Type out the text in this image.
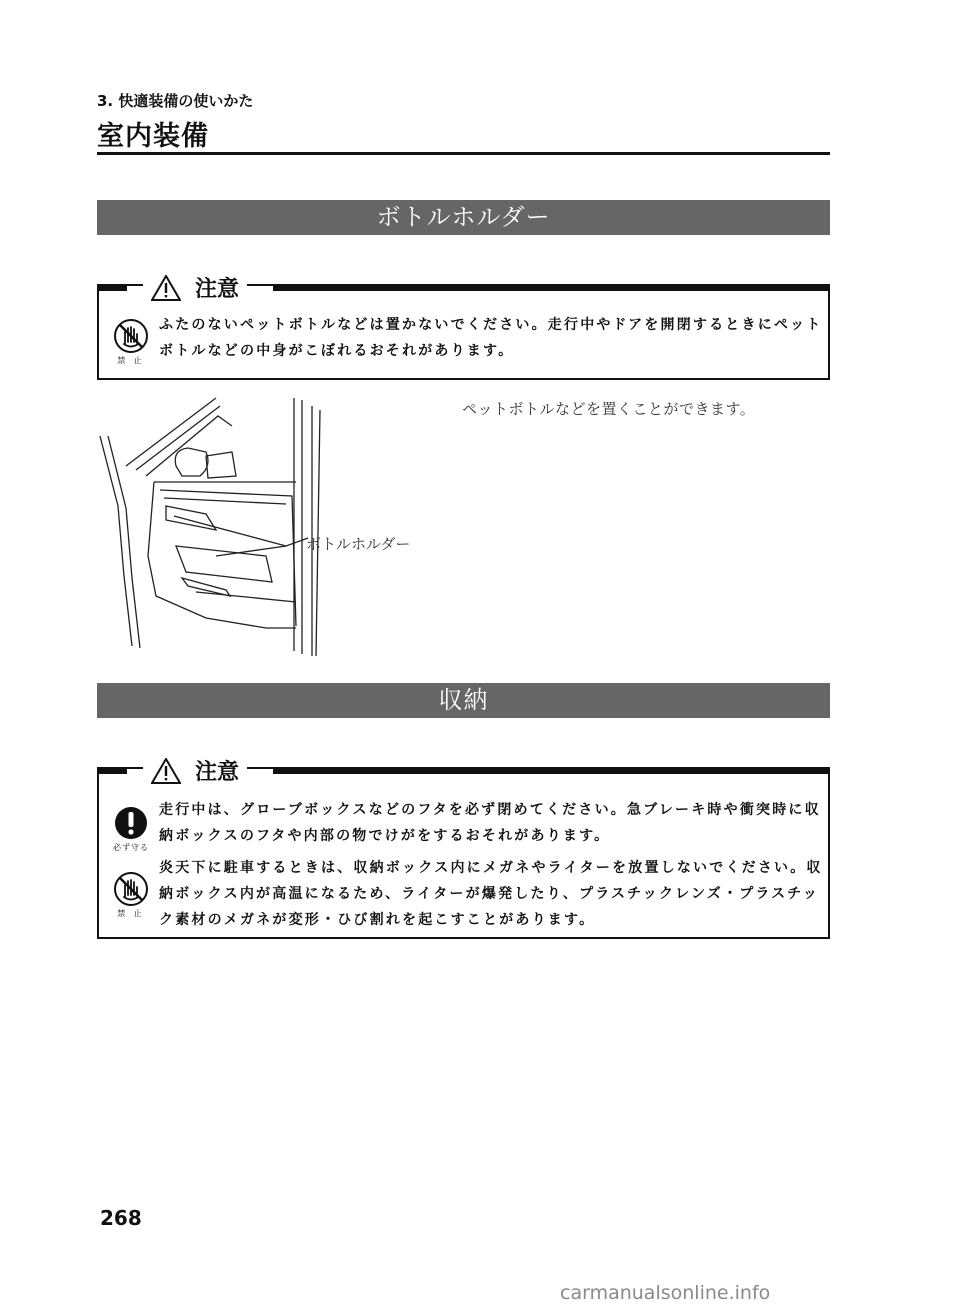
3. 快適装備の使いかた
室内装備
ボトルホルダー
注意
禁 止
ふたのないペットボトルなどは置かないでください。走行中やドアを開閉するときにペットボトルなどの中身がこぼれるおそれがあります。
ペットボトルなどを置くことができます。
ボトルホルダー
収納
注意
必ず守る
走行中は、グローブボックスなどのフタを必ず閉めてください。急ブレーキ時や衝突時に収納ボックスのフタや内部の物でけがをするおそれがあります。
禁 止
炎天下に駐車するときは、収納ボックス内にメガネやライターを放置しないでください。収納ボックス内が高温になるため、ライターが爆発したり、プラスチックレンズ・プラスチック素材のメガネが変形・ひび割れを起こすことがあります。
268
carmanualsonline.info
